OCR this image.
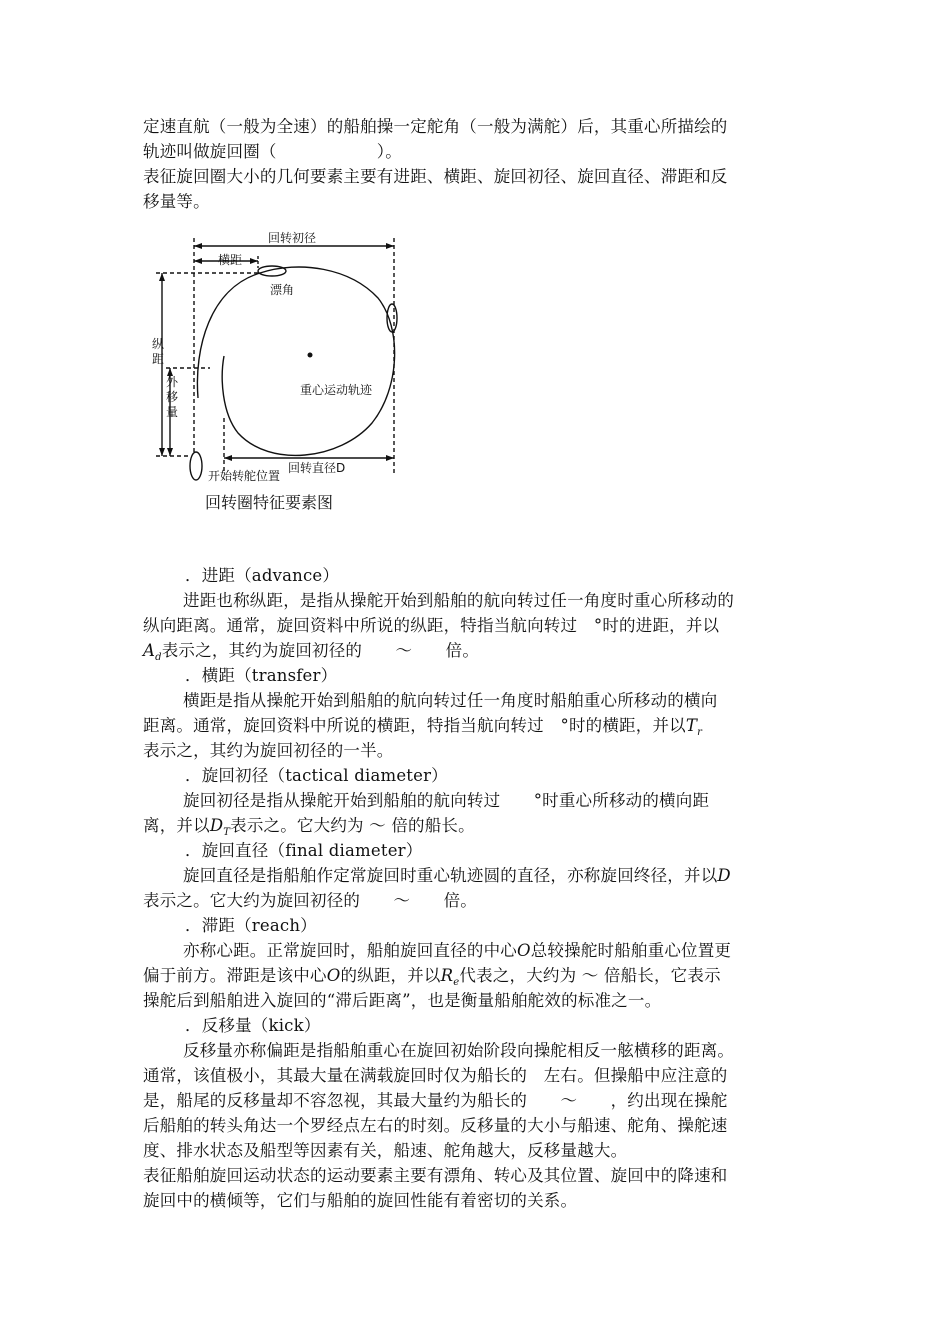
定速直航（一般为全速）的船舶操一定舵角（一般为满舵）后，其重心所描绘的
轨迹叫做旋回圈（　　　　　　）。
表征旋回圈大小的几何要素主要有进距、横距、旋回初径、旋回直径、滞距和反
移量等。
回转初径
横距
漂角
纵
距
外
移
量
重心运动轨迹
回转直径D
开始转舵位置
回转圈特征要素图
．进距（advance）
进距也称纵距，是指从操舵开始到船舶的航向转过任一角度时重心所移动的
纵向距离。通常，旋回资料中所说的纵距，特指当航向转过　°时的进距，并以
$A_d$表示之，其约为旋回初径的　　～　　倍。
．横距（transfer）
横距是指从操舵开始到船舶的航向转过任一角度时船舶重心所移动的横向
距离。通常，旋回资料中所说的横距，特指当航向转过　°时的横距，并以$T_r$
表示之，其约为旋回初径的一半。
．旋回初径（tactical diameter）
旋回初径是指从操舵开始到船舶的航向转过　　°时重心所移动的横向距
离，并以$D_T$表示之。它大约为 ～ 倍的船长。
．旋回直径（final diameter）
旋回直径是指船舶作定常旋回时重心轨迹圆的直径，亦称旋回终径，并以D
表示之。它大约为旋回初径的　　～　　倍。
．滞距（reach）
亦称心距。正常旋回时，船舶旋回直径的中心O总较操舵时船舶重心位置更
偏于前方。滞距是该中心O的纵距，并以$R_e$代表之，大约为 ～ 倍船长，它表示
操舵后到船舶进入旋回的“滞后距离”，也是衡量船舶舵效的标准之一。
．反移量（kick）
反移量亦称偏距是指船舶重心在旋回初始阶段向操舵相反一舷横移的距离。
通常，该值极小，其最大量在满载旋回时仅为船长的　左右。但操船中应注意的
是，船尾的反移量却不容忽视，其最大量约为船长的　　～　　，约出现在操舵
后船舶的转头角达一个罗经点左右的时刻。反移量的大小与船速、舵角、操舵速
度、排水状态及船型等因素有关，船速、舵角越大，反移量越大。
表征船舶旋回运动状态的运动要素主要有漂角、转心及其位置、旋回中的降速和
旋回中的横倾等，它们与船舶的旋回性能有着密切的关系。
